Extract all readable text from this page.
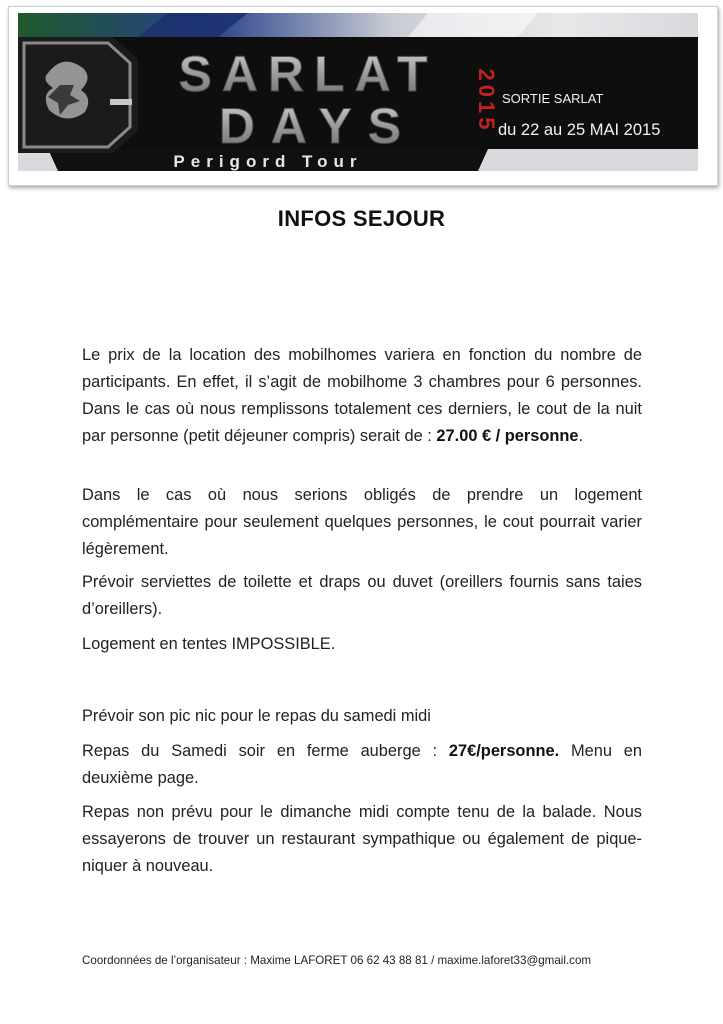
SARLAT
DAYS	2015
Perigord Tour
SORTIE SARLAT
du 22 au 25 MAI 2015
INFOS SEJOUR

Le prix de la location des mobilhomes variera en fonction du nombre de participants. En effet, il s’agit de mobilhome 3 chambres pour 6 personnes. Dans le cas où nous remplissons totalement ces derniers, le cout de la nuit par personne (petit déjeuner compris) serait de : 27.00 € / personne.

Dans le cas où nous serions obligés de prendre un logement complémentaire pour seulement quelques personnes, le cout pourrait varier légèrement.

Prévoir serviettes de toilette et draps ou duvet (oreillers fournis sans taies d’oreillers).

Logement en tentes IMPOSSIBLE.

Prévoir son pic nic pour le repas du samedi midi

Repas du Samedi soir en ferme auberge : 27€/personne. Menu en deuxième page.

Repas non prévu pour le dimanche midi compte tenu de la balade. Nous essayerons de trouver un restaurant sympathique ou également de pique-niquer à nouveau.

Coordonnées de l’organisateur : Maxime LAFORET 06 62 43 88 81 / maxime.laforet33@gmail.com
